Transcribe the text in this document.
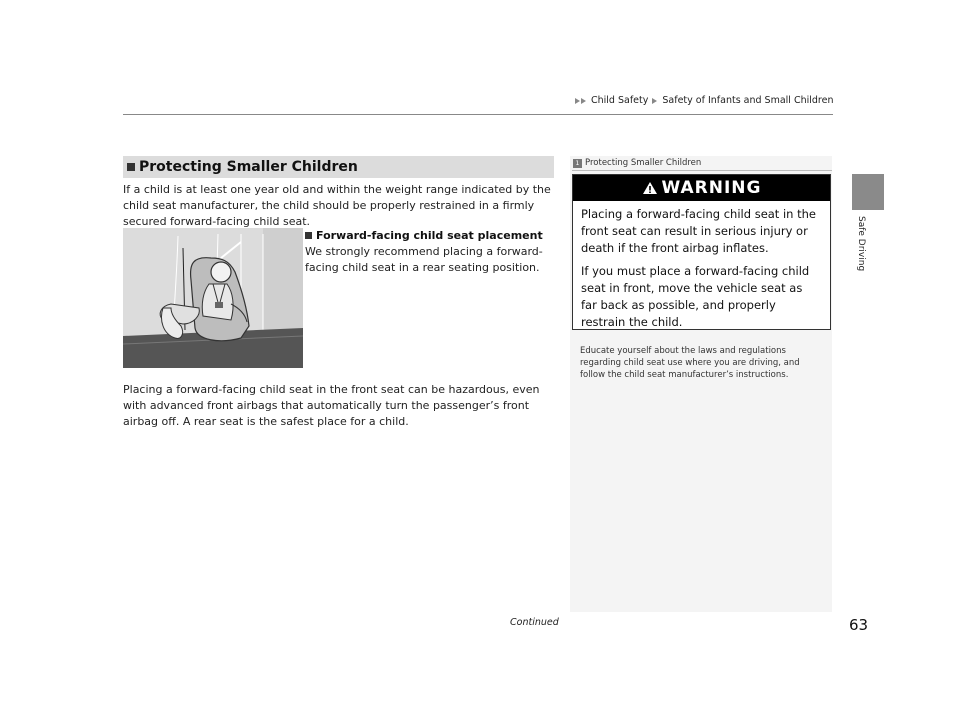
Child Safety Safety of Infants and Small Children
Safe Driving
Protecting Smaller Children
If a child is at least one year old and within the weight range indicated by the child seat manufacturer, the child should be properly restrained in a firmly secured forward-facing child seat.
Forward-facing child seat placement
We strongly recommend placing a forward-facing child seat in a rear seating position.
Placing a forward-facing child seat in the front seat can be hazardous, even with advanced front airbags that automatically turn the passenger’s front airbag off. A rear seat is the safest place for a child.
1 Protecting Smaller Children
WARNING
Placing a forward-facing child seat in the front seat can result in serious injury or death if the front airbag inflates.
If you must place a forward-facing child seat in front, move the vehicle seat as far back as possible, and properly restrain the child.
Educate yourself about the laws and regulations regarding child seat use where you are driving, and follow the child seat manufacturer’s instructions.
Continued	63
